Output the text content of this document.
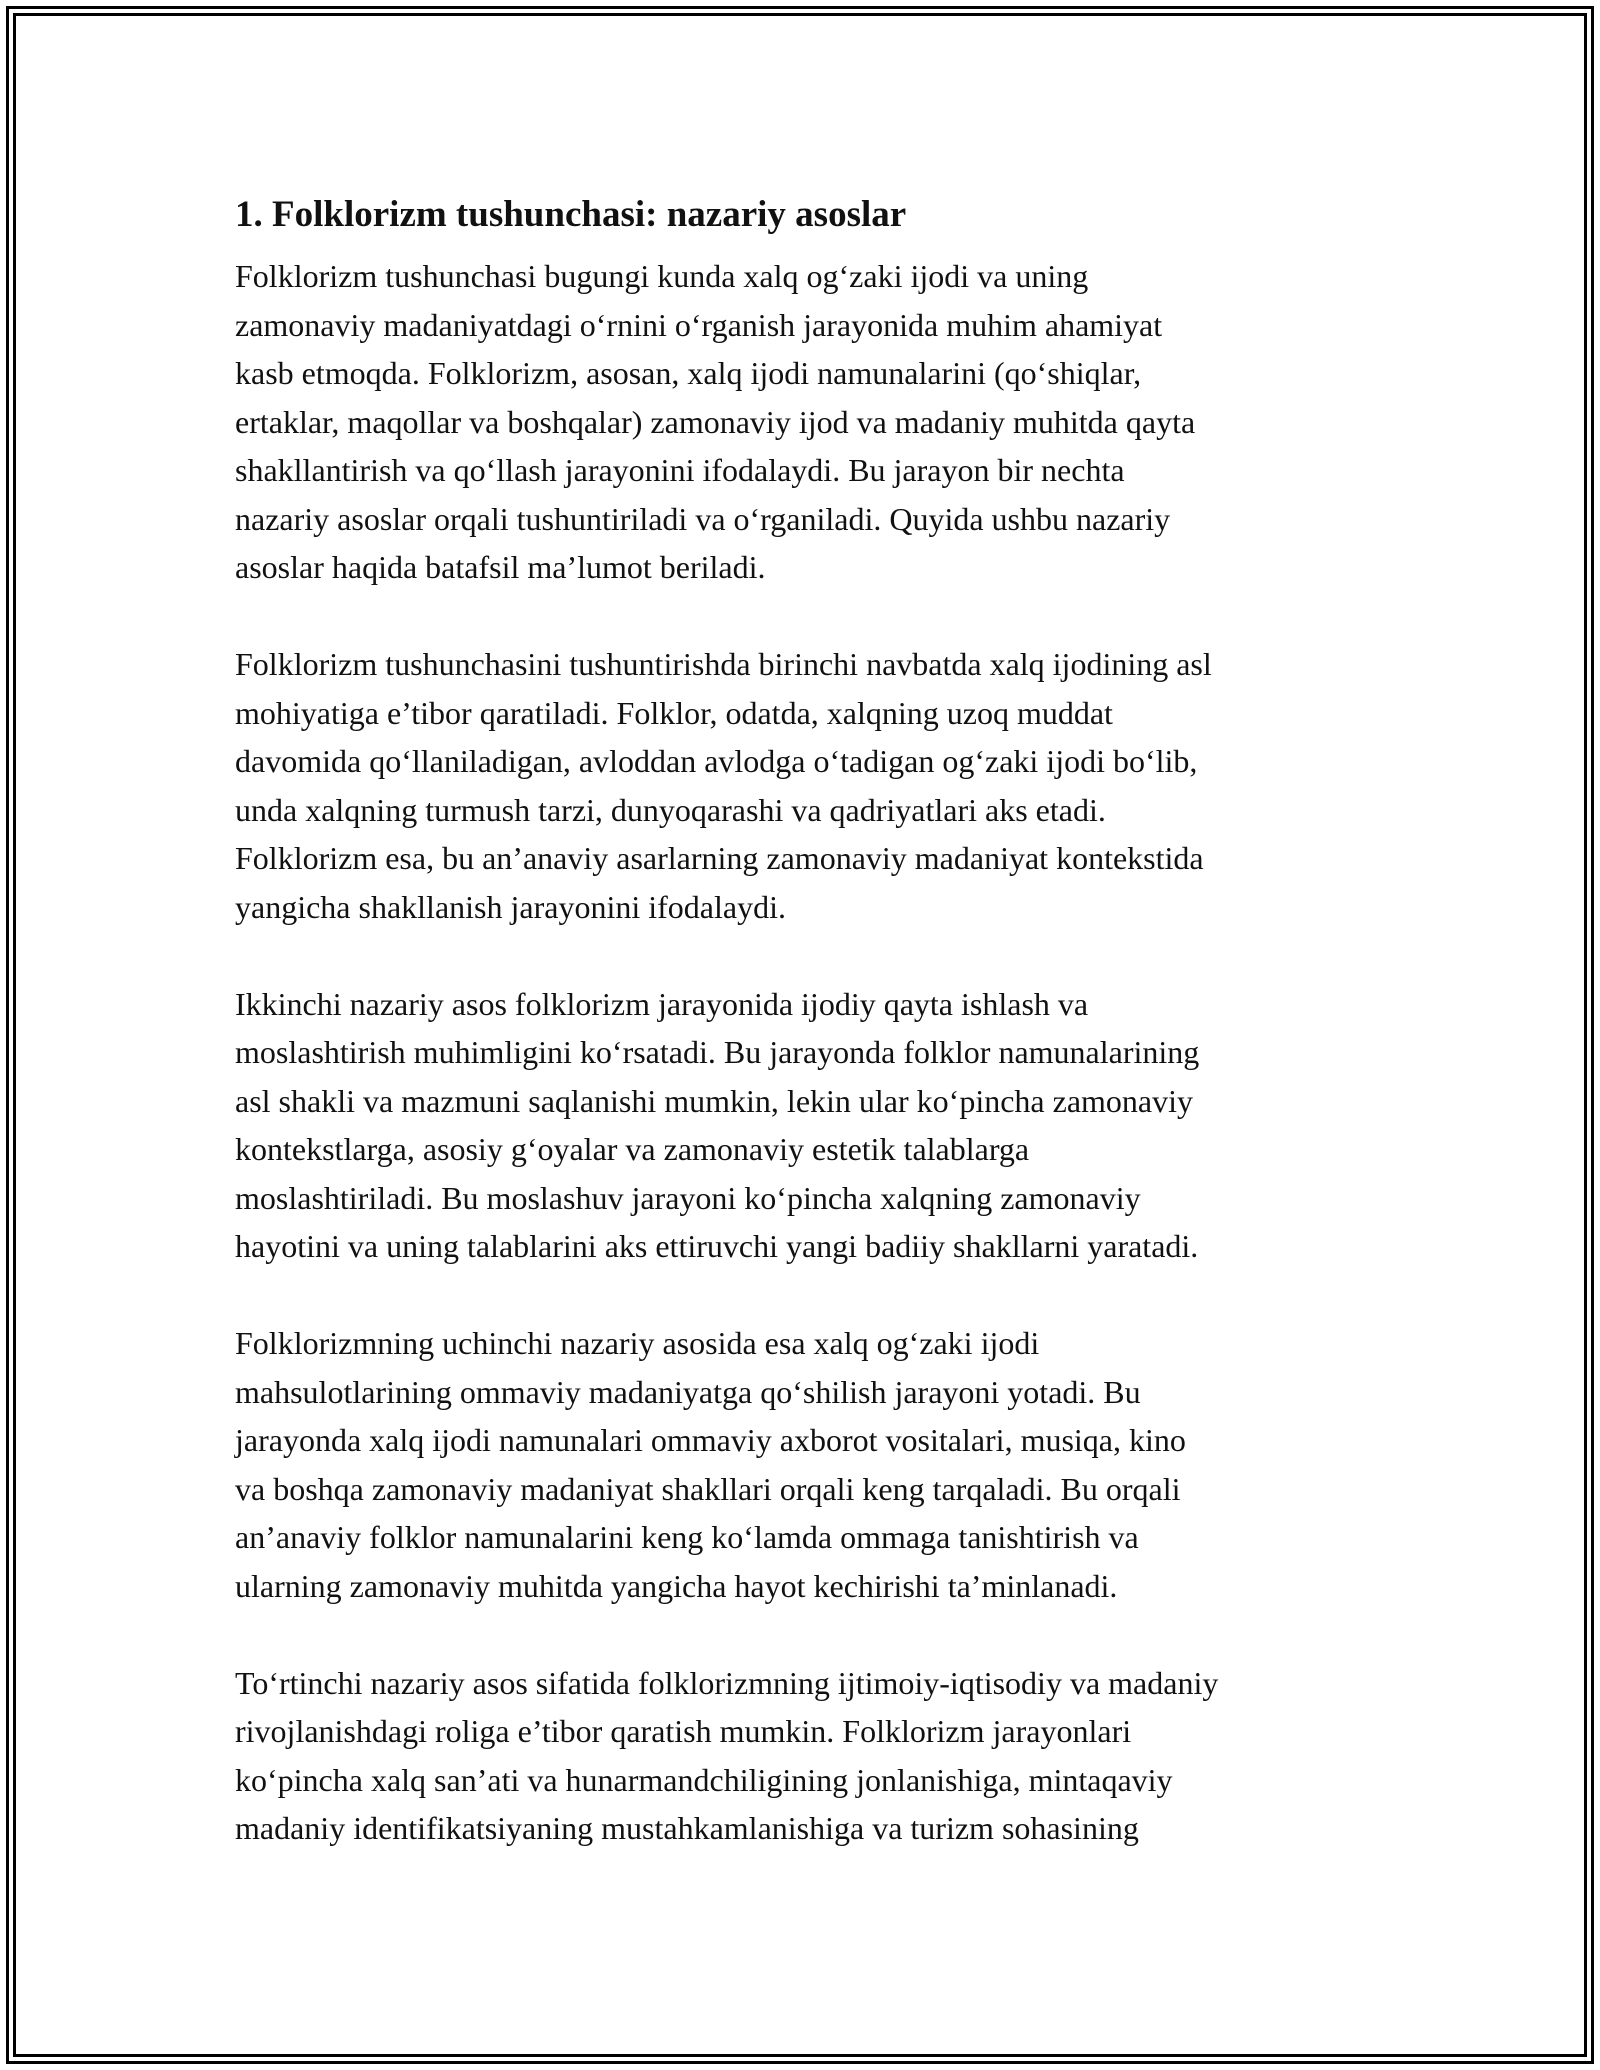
1. Folklorizm tushunchasi: nazariy asoslar

Folklorizm tushunchasi bugungi kunda xalq og‘zaki ijodi va uning
zamonaviy madaniyatdagi o‘rnini o‘rganish jarayonida muhim ahamiyat
kasb etmoqda. Folklorizm, asosan, xalq ijodi namunalarini (qo‘shiqlar,
ertaklar, maqollar va boshqalar) zamonaviy ijod va madaniy muhitda qayta
shakllantirish va qo‘llash jarayonini ifodalaydi. Bu jarayon bir nechta
nazariy asoslar orqali tushuntiriladi va o‘rganiladi. Quyida ushbu nazariy
asoslar haqida batafsil ma’lumot beriladi.

Folklorizm tushunchasini tushuntirishda birinchi navbatda xalq ijodining asl
mohiyatiga e’tibor qaratiladi. Folklor, odatda, xalqning uzoq muddat
davomida qo‘llaniladigan, avloddan avlodga o‘tadigan og‘zaki ijodi bo‘lib,
unda xalqning turmush tarzi, dunyoqarashi va qadriyatlari aks etadi.
Folklorizm esa, bu an’anaviy asarlarning zamonaviy madaniyat kontekstida
yangicha shakllanish jarayonini ifodalaydi.

Ikkinchi nazariy asos folklorizm jarayonida ijodiy qayta ishlash va
moslashtirish muhimligini ko‘rsatadi. Bu jarayonda folklor namunalarining
asl shakli va mazmuni saqlanishi mumkin, lekin ular ko‘pincha zamonaviy
kontekstlarga, asosiy g‘oyalar va zamonaviy estetik talablarga
moslashtiriladi. Bu moslashuv jarayoni ko‘pincha xalqning zamonaviy
hayotini va uning talablarini aks ettiruvchi yangi badiiy shakllarni yaratadi.

Folklorizmning uchinchi nazariy asosida esa xalq og‘zaki ijodi
mahsulotlarining ommaviy madaniyatga qo‘shilish jarayoni yotadi. Bu
jarayonda xalq ijodi namunalari ommaviy axborot vositalari, musiqa, kino
va boshqa zamonaviy madaniyat shakllari orqali keng tarqaladi. Bu orqali
an’anaviy folklor namunalarini keng ko‘lamda ommaga tanishtirish va
ularning zamonaviy muhitda yangicha hayot kechirishi ta’minlanadi.

To‘rtinchi nazariy asos sifatida folklorizmning ijtimoiy-iqtisodiy va madaniy
rivojlanishdagi roliga e’tibor qaratish mumkin. Folklorizm jarayonlari
ko‘pincha xalq san’ati va hunarmandchiligining jonlanishiga, mintaqaviy
madaniy identifikatsiyaning mustahkamlanishiga va turizm sohasining
